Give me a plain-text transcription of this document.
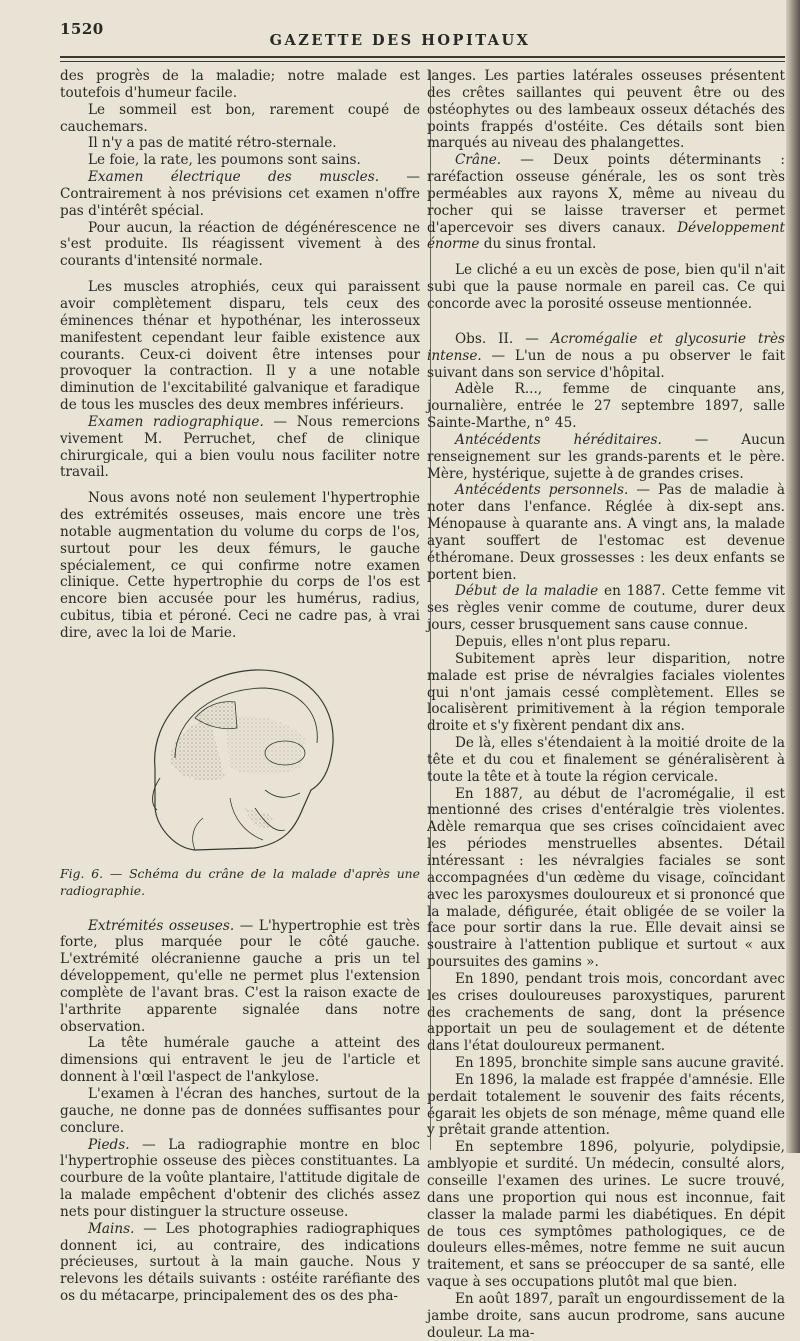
1520
GAZETTE DES HOPITAUX

des progrès de la maladie; notre malade est toutefois d'humeur facile.

Le sommeil est bon, rarement coupé de cauchemars.

Il n'y a pas de matité rétro-sternale.

Le foie, la rate, les poumons sont sains.

Examen électrique des muscles. — Contrairement à nos prévisions cet examen n'offre pas d'intérêt spécial.

Pour aucun, la réaction de dégénérescence ne s'est produite. Ils réagissent vivement à des courants d'intensité normale.

Les muscles atrophiés, ceux qui paraissent avoir complètement disparu, tels ceux des éminences thénar et hypothénar, les interosseux manifestent cependant leur faible existence aux courants. Ceux-ci doivent être intenses pour provoquer la contraction. Il y a une notable diminution de l'excitabilité galvanique et faradique de tous les muscles des deux membres inférieurs.

Examen radiographique. — Nous remercions vivement M. Perruchet, chef de clinique chirurgicale, qui a bien voulu nous faciliter notre travail.

Nous avons noté non seulement l'hypertrophie des extrémités osseuses, mais encore une très notable augmentation du volume du corps de l'os, surtout pour les deux fémurs, le gauche spécialement, ce qui confirme notre examen clinique. Cette hypertrophie du corps de l'os est encore bien accusée pour les humérus, radius, cubitus, tibia et péroné. Ceci ne cadre pas, à vrai dire, avec la loi de Marie.

Fig. 6. — Schéma du crâne de la malade d'après une radiographie.

Extrémités osseuses. — L'hypertrophie est très forte, plus marquée pour le côté gauche. L'extrémité olécranienne gauche a pris un tel développement, qu'elle ne permet plus l'extension complète de l'avant bras. C'est la raison exacte de l'arthrite apparente signalée dans notre observation.

La tête humérale gauche a atteint des dimensions qui entravent le jeu de l'article et donnent à l'œil l'aspect de l'ankylose.

L'examen à l'écran des hanches, surtout de la gauche, ne donne pas de données suffisantes pour conclure.

Pieds. — La radiographie montre en bloc l'hypertrophie osseuse des pièces constituantes. La courbure de la voûte plantaire, l'attitude digitale de la malade empêchent d'obtenir des clichés assez nets pour distinguer la structure osseuse.

Mains. — Les photographies radiographiques donnent ici, au contraire, des indications précieuses, surtout à la main gauche. Nous y relevons les détails suivants : ostéite raréfiante des os du métacarpe, principalement des os des pha-

langes. Les parties latérales osseuses présentent des crêtes saillantes qui peuvent être ou des ostéophytes ou des lambeaux osseux détachés des points frappés d'ostéite. Ces détails sont bien marqués au niveau des phalangettes.

Crâne. — Deux points déterminants : raréfaction osseuse générale, les os sont très perméables aux rayons X, même au niveau du rocher qui se laisse traverser et permet d'apercevoir ses divers canaux. Développement énorme du sinus frontal.

Le cliché a eu un excès de pose, bien qu'il n'ait subi que la pause normale en pareil cas. Ce qui concorde avec la porosité osseuse mentionnée.

Obs. II. — Acromégalie et glycosurie très intense. — L'un de nous a pu observer le fait suivant dans son service d'hôpital.

Adèle R..., femme de cinquante ans, journalière, entrée le 27 septembre 1897, salle Sainte-Marthe, n° 45.

Antécédents héréditaires. — Aucun renseignement sur les grands-parents et le père. Mère, hystérique, sujette à de grandes crises.

Antécédents personnels. — Pas de maladie à noter dans l'enfance. Réglée à dix-sept ans. Ménopause à quarante ans. A vingt ans, la malade ayant souffert de l'estomac est devenue éthéromane. Deux grossesses : les deux enfants se portent bien.

Début de la maladie en 1887. Cette femme vit ses règles venir comme de coutume, durer deux jours, cesser brusquement sans cause connue.

Depuis, elles n'ont plus reparu.

Subitement après leur disparition, notre malade est prise de névralgies faciales violentes qui n'ont jamais cessé complètement. Elles se localisèrent primitivement à la région temporale droite et s'y fixèrent pendant dix ans.

De là, elles s'étendaient à la moitié droite de la tête et du cou et finalement se généralisèrent à toute la tête et à toute la région cervicale.

En 1887, au début de l'acromégalie, il est mentionné des crises d'entéralgie très violentes. Adèle remarqua que ses crises coïncidaient avec les périodes menstruelles absentes. Détail intéressant : les névralgies faciales se sont accompagnées d'un œdème du visage, coïncidant avec les paroxysmes douloureux et si prononcé que la malade, défigurée, était obligée de se voiler la face pour sortir dans la rue. Elle devait ainsi se soustraire à l'attention publique et surtout « aux poursuites des gamins ».

En 1890, pendant trois mois, concordant avec les crises douloureuses paroxystiques, parurent des crachements de sang, dont la présence apportait un peu de soulagement et de détente dans l'état douloureux permanent.

En 1895, bronchite simple sans aucune gravité.

En 1896, la malade est frappée d'amnésie. Elle perdait totalement le souvenir des faits récents, égarait les objets de son ménage, même quand elle y prêtait grande attention.

En septembre 1896, polyurie, polydipsie, amblyopie et surdité. Un médecin, consulté alors, conseille l'examen des urines. Le sucre trouvé, dans une proportion qui nous est inconnue, fait classer la malade parmi les diabétiques. En dépit de tous ces symptômes pathologiques, ce de douleurs elles-mêmes, notre femme ne suit aucun traitement, et sans se préoccuper de sa santé, elle vaque à ses occupations plutôt mal que bien.

En août 1897, paraît un engourdissement de la jambe droite, sans aucun prodrome, sans aucune douleur. La ma-
